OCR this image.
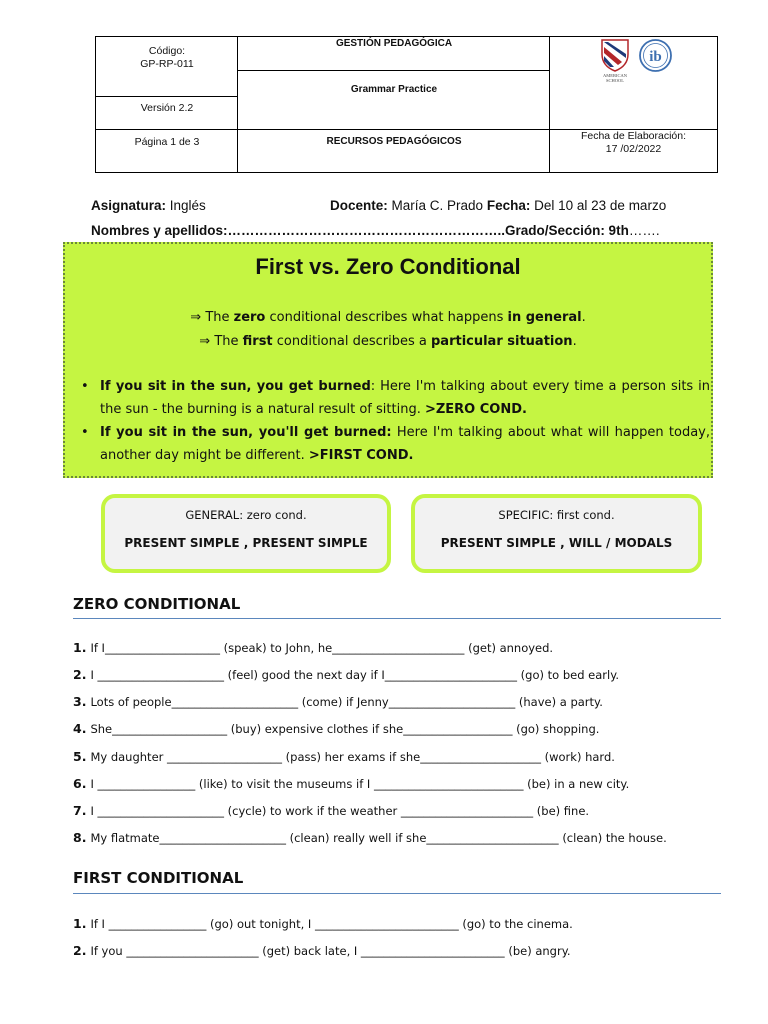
Código:
GP-RP-011
Versión 2.2
Página 1 de 3
GESTIÓN PEDAGÓGICA
Grammar Practice
RECURSOS PEDAGÓGICOS	Fecha de Elaboración:
17 /02/2022
AMERICAN SCHOOL
ib
Asignatura: Inglés	Docente: María C. Prado Fecha: Del 10 al 23 de marzo
Nombres y apellidos:……………………………………………………..Grado/Sección: 9th…….
First vs. Zero Conditional
⇒ The zero conditional describes what happens in general.
⇒ The first conditional describes a particular situation.
• If you sit in the sun, you get burned: Here I'm talking about every time a person sits in the sun - the burning is a natural result of sitting. >ZERO COND.
• If you sit in the sun, you'll get burned: Here I'm talking about what will happen today, another day might be different. >FIRST COND.
GENERAL: zero cond.
PRESENT SIMPLE , PRESENT SIMPLE
SPECIFIC: first cond.
PRESENT SIMPLE , WILL / MODALS
ZERO CONDITIONAL
1. If I____________________ (speak) to John, he_______________________ (get) annoyed.
2. I ______________________ (feel) good the next day if I_______________________ (go) to bed early.
3. Lots of people______________________ (come) if Jenny______________________ (have) a party.
4. She____________________ (buy) expensive clothes if she___________________ (go) shopping.
5. My daughter ____________________ (pass) her exams if she_____________________ (work) hard.
6. I _________________ (like) to visit the museums if I __________________________ (be) in a new city.
7. I ______________________ (cycle) to work if the weather _______________________ (be) fine.
8. My flatmate______________________ (clean) really well if she_______________________ (clean) the house.
FIRST CONDITIONAL
1. If I _________________ (go) out tonight, I _________________________ (go) to the cinema.
2. If you _______________________ (get) back late, I _________________________ (be) angry.
